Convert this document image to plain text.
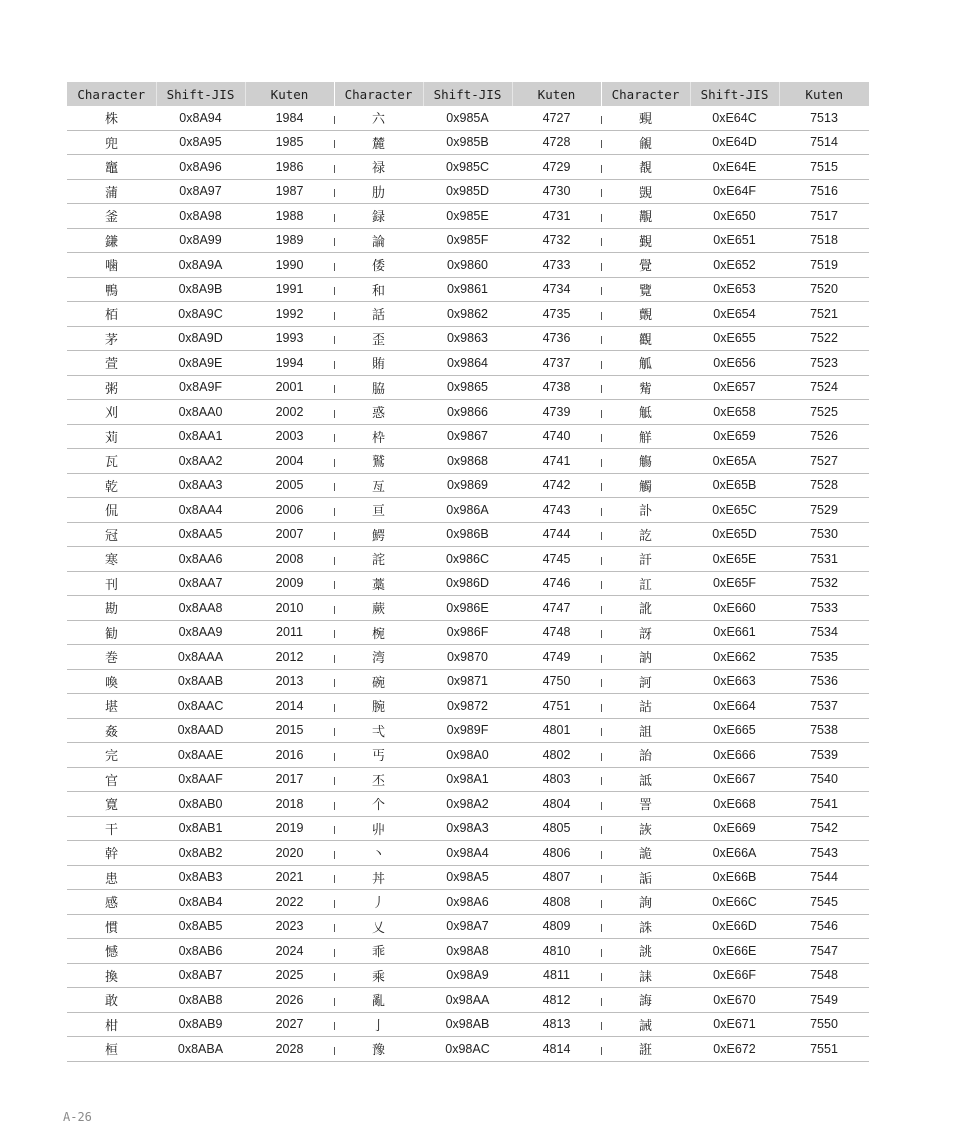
Character	Shift-JIS	Kuten	Character	Shift-JIS	Kuten	Character	Shift-JIS	Kuten
株	0x8A94	1984	六	0x985A	4727	覡	0xE64C	7513
兜	0x8A95	1985	麓	0x985B	4728	覦	0xE64D	7514
竈	0x8A96	1986	禄	0x985C	4729	覩	0xE64E	7515
蒲	0x8A97	1987	肋	0x985D	4730	覬	0xE64F	7516
釜	0x8A98	1988	録	0x985E	4731	覯	0xE650	7517
鎌	0x8A99	1989	論	0x985F	4732	覲	0xE651	7518
噛	0x8A9A	1990	倭	0x9860	4733	覺	0xE652	7519
鴨	0x8A9B	1991	和	0x9861	4734	覽	0xE653	7520
栢	0x8A9C	1992	話	0x9862	4735	覿	0xE654	7521
茅	0x8A9D	1993	歪	0x9863	4736	觀	0xE655	7522
萱	0x8A9E	1994	賄	0x9864	4737	觚	0xE656	7523
粥	0x8A9F	2001	脇	0x9865	4738	觜	0xE657	7524
刈	0x8AA0	2002	惑	0x9866	4739	觝	0xE658	7525
苅	0x8AA1	2003	枠	0x9867	4740	觧	0xE659	7526
瓦	0x8AA2	2004	鷲	0x9868	4741	觴	0xE65A	7527
乾	0x8AA3	2005	亙	0x9869	4742	觸	0xE65B	7528
侃	0x8AA4	2006	亘	0x986A	4743	訃	0xE65C	7529
冠	0x8AA5	2007	鰐	0x986B	4744	訖	0xE65D	7530
寒	0x8AA6	2008	詫	0x986C	4745	訐	0xE65E	7531
刊	0x8AA7	2009	藁	0x986D	4746	訌	0xE65F	7532
勘	0x8AA8	2010	蕨	0x986E	4747	訛	0xE660	7533
勧	0x8AA9	2011	椀	0x986F	4748	訝	0xE661	7534
巻	0x8AAA	2012	湾	0x9870	4749	訥	0xE662	7535
喚	0x8AAB	2013	碗	0x9871	4750	訶	0xE663	7536
堪	0x8AAC	2014	腕	0x9872	4751	詁	0xE664	7537
姦	0x8AAD	2015	弌	0x989F	4801	詛	0xE665	7538
完	0x8AAE	2016	丐	0x98A0	4802	詒	0xE666	7539
官	0x8AAF	2017	丕	0x98A1	4803	詆	0xE667	7540
寛	0x8AB0	2018	个	0x98A2	4804	詈	0xE668	7541
干	0x8AB1	2019	丱	0x98A3	4805	詼	0xE669	7542
幹	0x8AB2	2020	丶	0x98A4	4806	詭	0xE66A	7543
患	0x8AB3	2021	丼	0x98A5	4807	詬	0xE66B	7544
感	0x8AB4	2022	丿	0x98A6	4808	詢	0xE66C	7545
慣	0x8AB5	2023	乂	0x98A7	4809	誅	0xE66D	7546
憾	0x8AB6	2024	乖	0x98A8	4810	誂	0xE66E	7547
換	0x8AB7	2025	乘	0x98A9	4811	誄	0xE66F	7548
敢	0x8AB8	2026	亂	0x98AA	4812	誨	0xE670	7549
柑	0x8AB9	2027	亅	0x98AB	4813	誡	0xE671	7550
桓	0x8ABA	2028	豫	0x98AC	4814	誑	0xE672	7551
A-26
